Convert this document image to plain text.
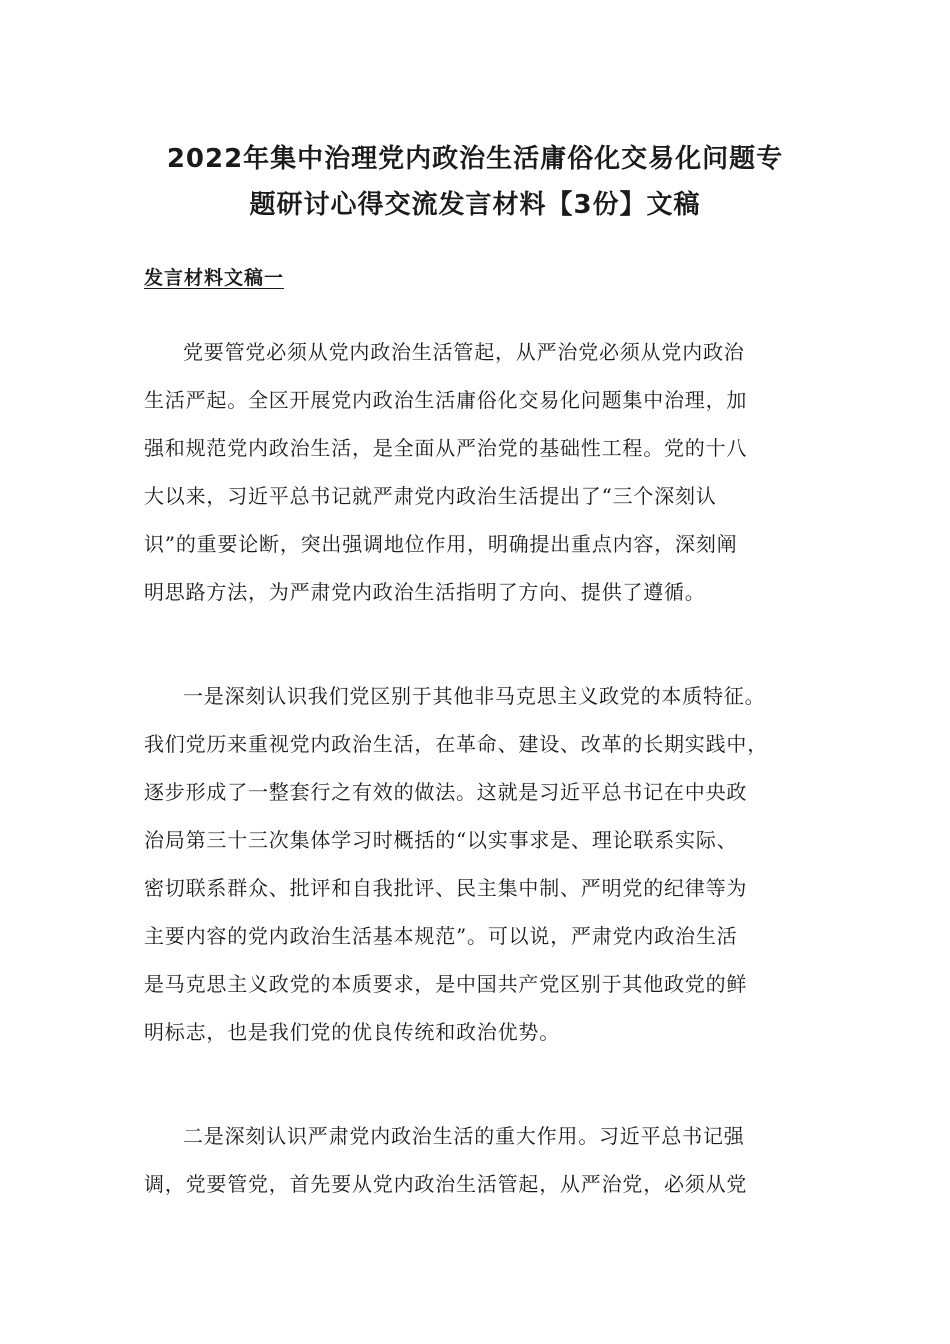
2022年集中治理党内政治生活庸俗化交易化问题专
题研讨心得交流发言材料【3份】文稿
发言材料文稿一

党要管党必须从党内政治生活管起，从严治党必须从党内政治

生活严起。全区开展党内政治生活庸俗化交易化问题集中治理，加

强和规范党内政治生活，是全面从严治党的基础性工程。党的十八

大以来，习近平总书记就严肃党内政治生活提出了“三个深刻认

识”的重要论断，突出强调地位作用，明确提出重点内容，深刻阐

明思路方法，为严肃党内政治生活指明了方向、提供了遵循。

一是深刻认识我们党区别于其他非马克思主义政党的本质特征。

我们党历来重视党内政治生活，在革命、建设、改革的长期实践中，

逐步形成了一整套行之有效的做法。这就是习近平总书记在中央政

治局第三十三次集体学习时概括的“以实事求是、理论联系实际、

密切联系群众、批评和自我批评、民主集中制、严明党的纪律等为

主要内容的党内政治生活基本规范”。可以说，严肃党内政治生活

是马克思主义政党的本质要求，是中国共产党区别于其他政党的鲜

明标志，也是我们党的优良传统和政治优势。

二是深刻认识严肃党内政治生活的重大作用。习近平总书记强

调，党要管党，首先要从党内政治生活管起，从严治党，必须从党
